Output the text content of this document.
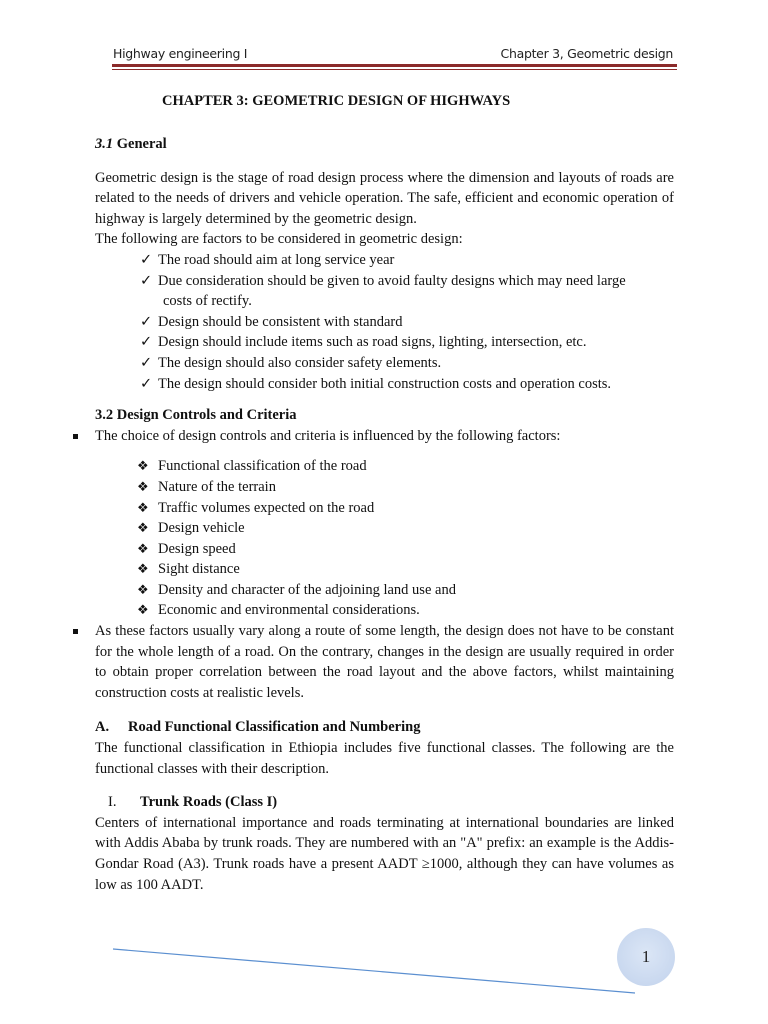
Highway engineering I	Chapter 3, Geometric design
CHAPTER 3: GEOMETRIC DESIGN OF HIGHWAYS

3.1 General

Geometric design is the stage of road design process where the dimension and layouts of roads are related to the needs of drivers and vehicle operation. The safe, efficient and economic operation of highway is largely determined by the geometric design.

The following are factors to be considered in geometric design:

✓ The road should aim at long service year
✓ Due consideration should be given to avoid faulty designs which may need large
costs of rectify.
✓ Design should be consistent with standard
✓ Design should include items such as road signs, lighting, intersection, etc.
✓ The design should also consider safety elements.
✓ The design should consider both initial construction costs and operation costs.

3.2 Design Controls and Criteria

The choice of design controls and criteria is influenced by the following factors:

❖ Functional classification of the road
❖ Nature of the terrain
❖ Traffic volumes expected on the road
❖ Design vehicle
❖ Design speed
❖ Sight distance
❖ Density and character of the adjoining land use and
❖ Economic and environmental considerations.

As these factors usually vary along a route of some length, the design does not have to be constant for the whole length of a road. On the contrary, changes in the design are usually required in order to obtain proper correlation between the road layout and the above factors, whilst maintaining construction costs at realistic levels.

A. Road Functional Classification and Numbering

The functional classification in Ethiopia includes five functional classes. The following are the functional classes with their description.

I. Trunk Roads (Class I)

Centers of international importance and roads terminating at international boundaries are linked with Addis Ababa by trunk roads. They are numbered with an "A" prefix: an example is the Addis-Gondar Road (A3). Trunk roads have a present AADT ≥1000, although they can have volumes as low as 100 AADT.

1
